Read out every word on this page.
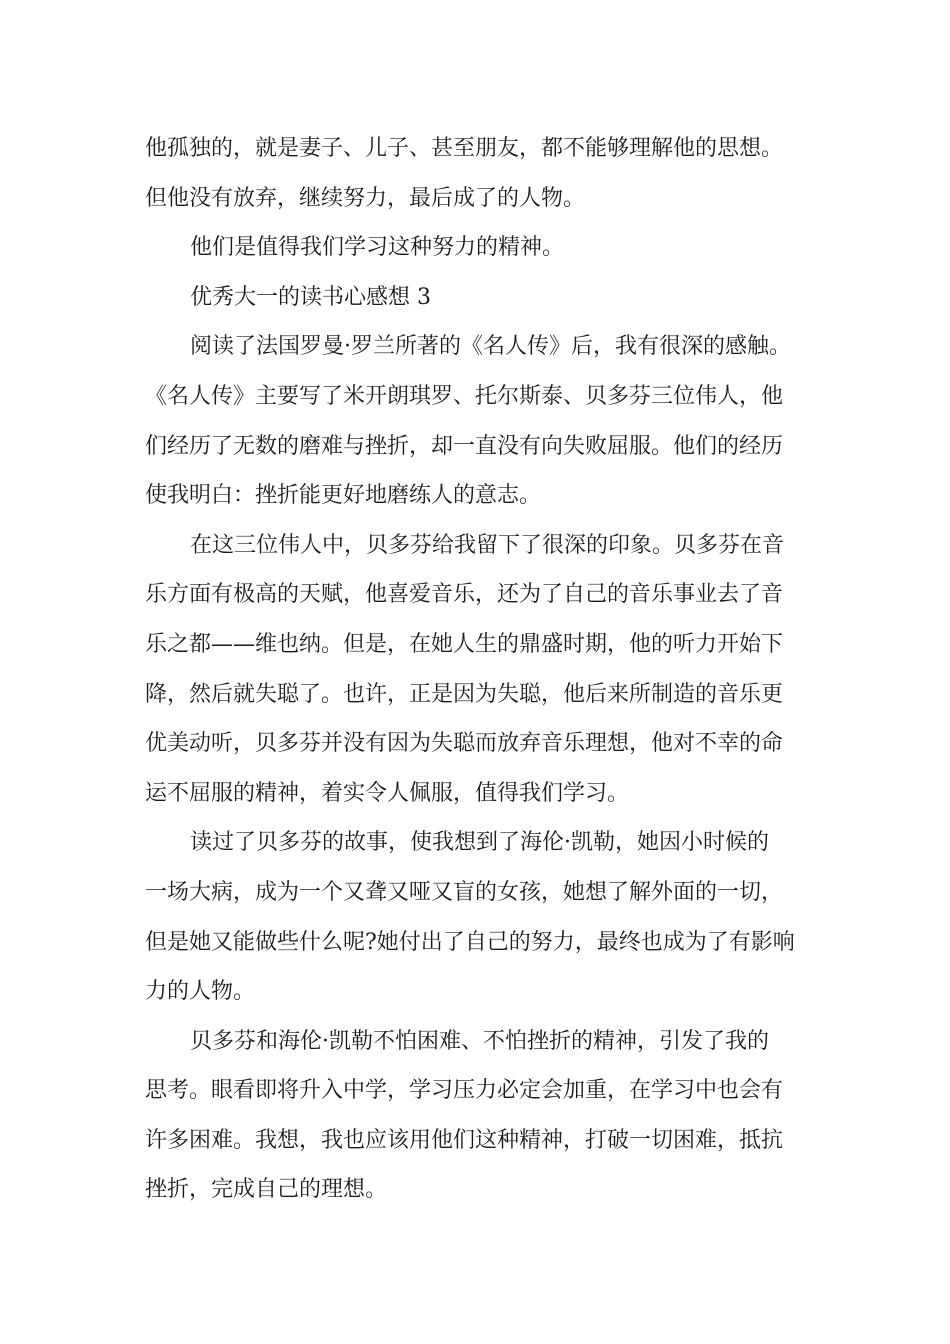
他孤独的，就是妻子、儿子、甚至朋友，都不能够理解他的思想。
但他没有放弃，继续努力，最后成了的人物。
他们是值得我们学习这种努力的精神。
优秀大一的读书心感想 3
阅读了法国罗曼·罗兰所著的《名人传》后，我有很深的感触。
《名人传》主要写了米开朗琪罗、托尔斯泰、贝多芬三位伟人，他
们经历了无数的磨难与挫折，却一直没有向失败屈服。他们的经历
使我明白：挫折能更好地磨练人的意志。
在这三位伟人中，贝多芬给我留下了很深的印象。贝多芬在音
乐方面有极高的天赋，他喜爱音乐，还为了自己的音乐事业去了音
乐之都——维也纳。但是，在她人生的鼎盛时期，他的听力开始下
降，然后就失聪了。也许，正是因为失聪，他后来所制造的音乐更
优美动听，贝多芬并没有因为失聪而放弃音乐理想，他对不幸的命
运不屈服的精神，着实令人佩服，值得我们学习。
读过了贝多芬的故事，使我想到了海伦·凯勒，她因小时候的
一场大病，成为一个又聋又哑又盲的女孩，她想了解外面的一切，
但是她又能做些什么呢?她付出了自己的努力，最终也成为了有影响
力的人物。
贝多芬和海伦·凯勒不怕困难、不怕挫折的精神，引发了我的
思考。眼看即将升入中学，学习压力必定会加重，在学习中也会有
许多困难。我想，我也应该用他们这种精神，打破一切困难，抵抗
挫折，完成自己的理想。
